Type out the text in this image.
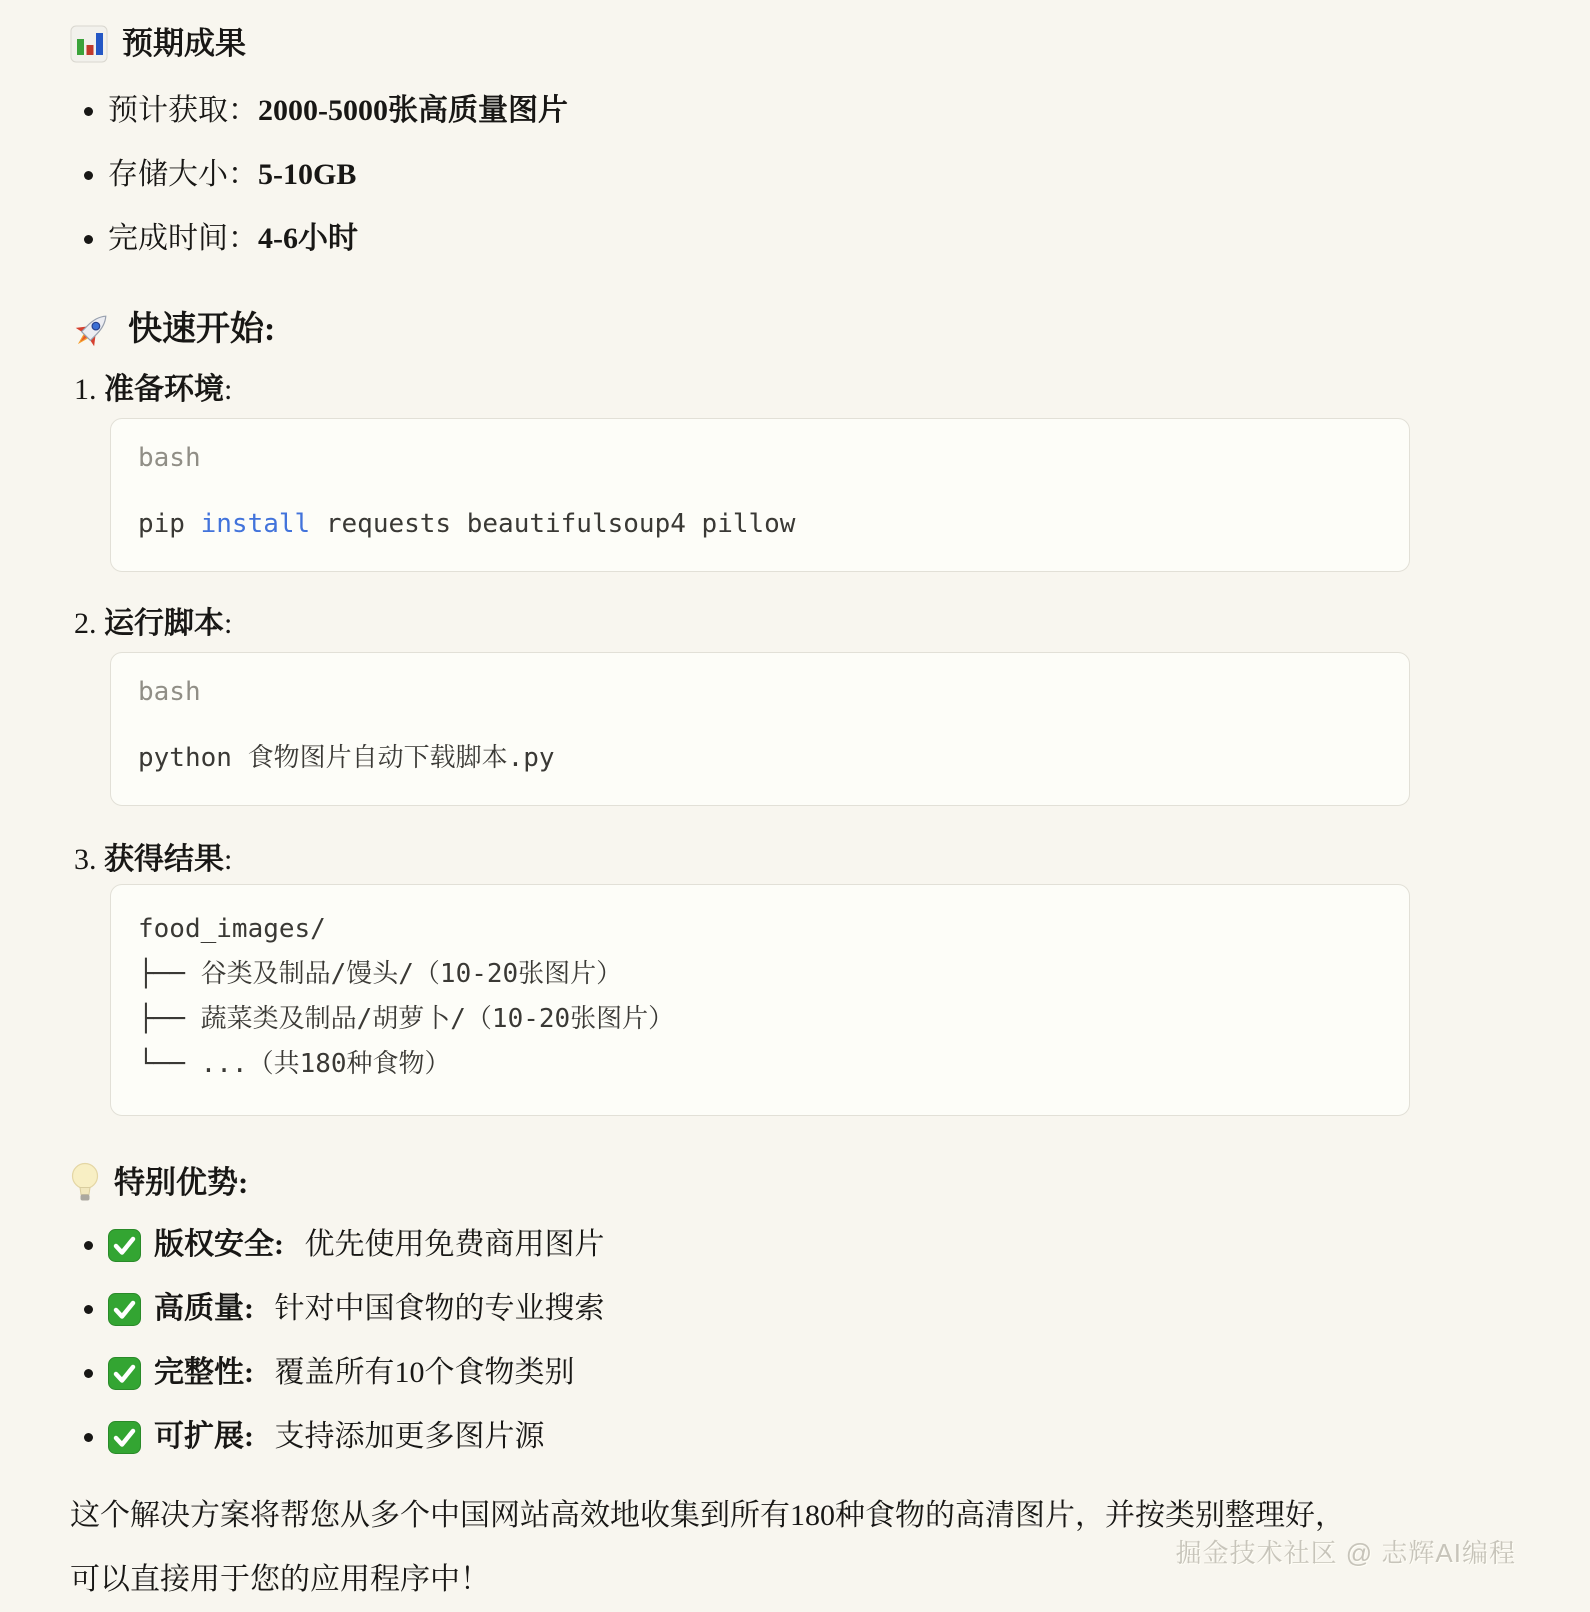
预期成果
预计获取： 2000-5000张高质量图片
存储大小： 5-10GB
完成时间： 4-6小时
快速开始:
1. 准备环境 :
bash
pip install requests beautifulsoup4 pillow
2. 运行脚本 :
bash
python 食物图片自动下载脚本.py
3. 获得结果 :
food_images/
├── 谷类及制品/馒头/（10-20张图片）
├── 蔬菜类及制品/胡萝卜/（10-20张图片）
└── ...（共180种食物）
特别优势:
版权安全: 优先使用免费商用图片
高质量: 针对中国食物的专业搜索
完整性: 覆盖所有10个食物类别
可扩展: 支持添加更多图片源

这个解决方案将帮您从多个中国网站高效地收集到所有180种食物的高清图片，并按类别整理好，
可以直接用于您的应用程序中！

掘金技术社区 @ 志辉AI编程
